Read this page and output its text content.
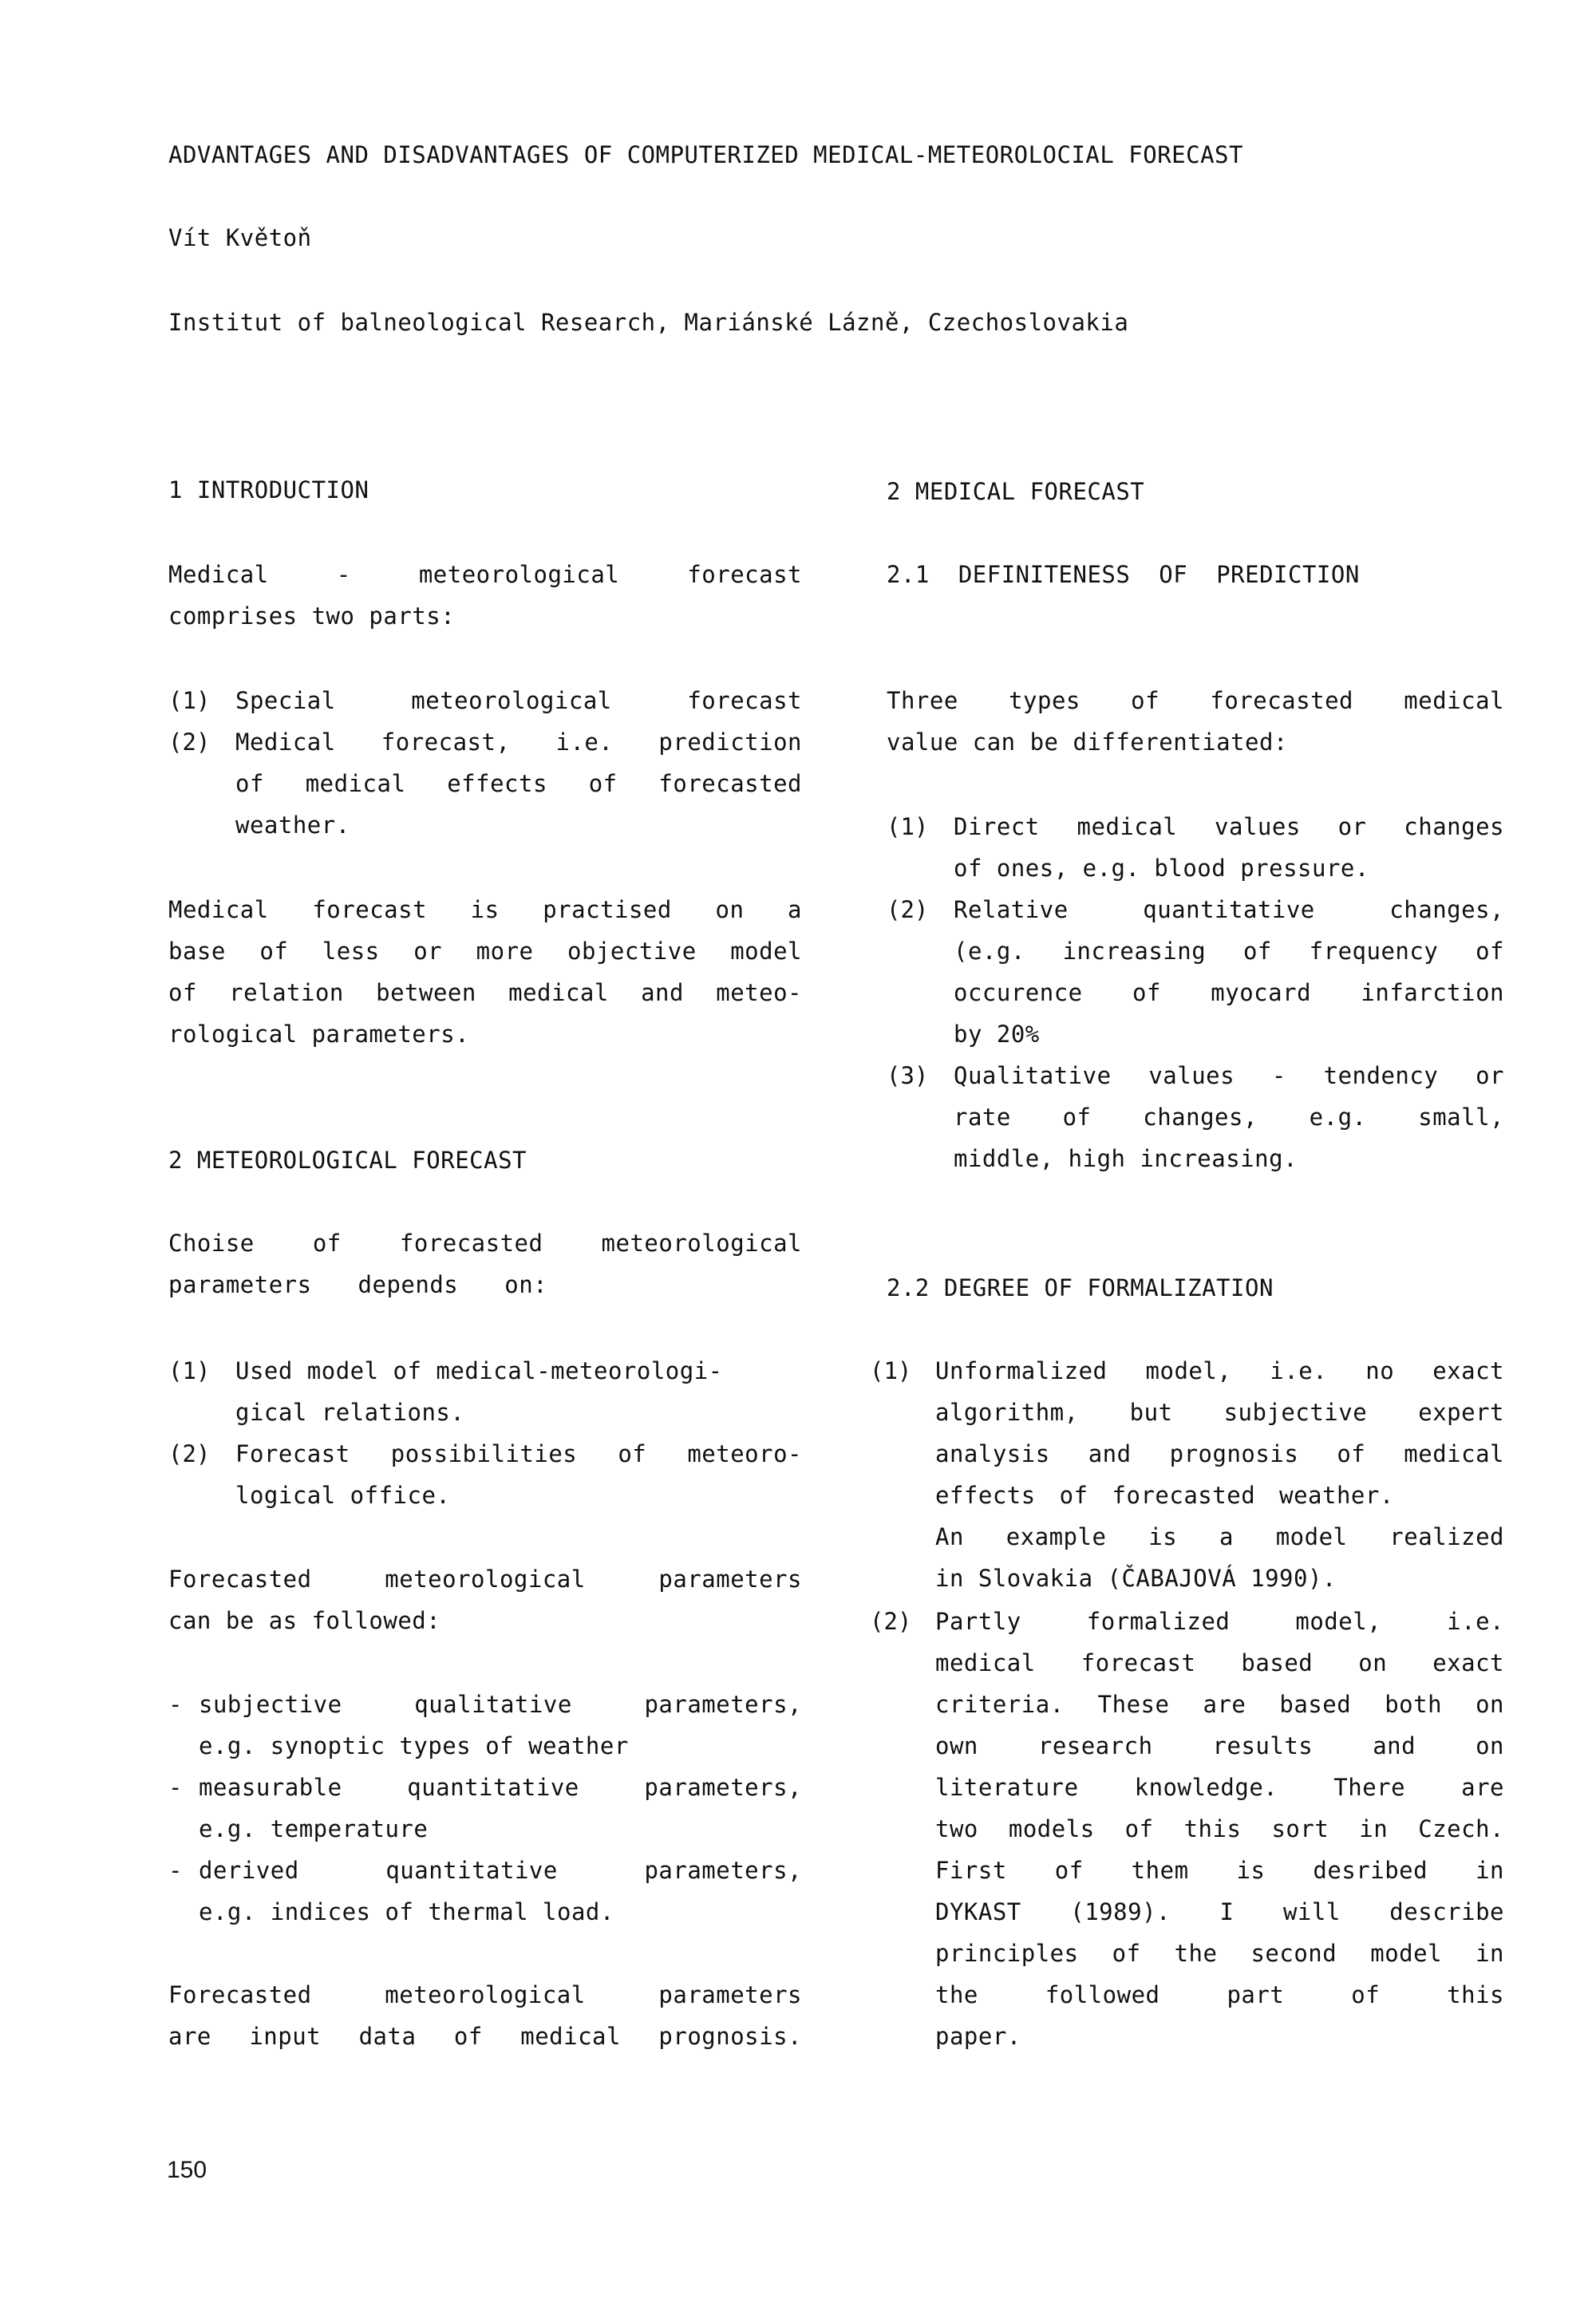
ADVANTAGES AND DISADVANTAGES OF COMPUTERIZED MEDICAL-METEOROLOCIAL FORECAST
Vít Květoň
Institut of balneological Research, Mariánské Lázně, Czechoslovakia
1 INTRODUCTION
Medical - meteorological forecast
comprises two parts:
(1) Special meteorological forecast
(2) Medical forecast, i.e. prediction
of medical effects of forecasted
weather.
Medical forecast is practised on a
base of less or more objective model
of relation between medical and meteo-
rological parameters.
2 METEOROLOGICAL FORECAST
Choise of forecasted meteorological
parameters depends on:
(1) Used model of medical-meteorologi-
gical relations.
(2) Forecast possibilities of meteoro-
logical office.
Forecasted meteorological parameters
can be as followed:
- subjective qualitative parameters,
e.g. synoptic types of weather
- measurable quantitative parameters,
e.g. temperature
- derived quantitative parameters,
e.g. indices of thermal load.
Forecasted meteorological parameters
are input data of medical prognosis.
2 MEDICAL FORECAST
2.1 DEFINITENESS OF PREDICTION
Three types of forecasted medical
value can be differentiated:
(1) Direct medical values or changes
of ones, e.g. blood pressure.
(2) Relative quantitative changes,
(e.g. increasing of frequency of
occurence of myocard infarction
by 20%
(3) Qualitative values - tendency or
rate of changes, e.g. small,
middle, high increasing.
2.2 DEGREE OF FORMALIZATION
(1) Unformalized model, i.e. no exact
algorithm, but subjective expert
analysis and prognosis of medical
effects of forecasted weather.
An example is a model realized
in Slovakia (ČABAJOVÁ 1990).
(2) Partly formalized model, i.e.
medical forecast based on exact
criteria. These are based both on
own research results and on
literature knowledge. There are
two models of this sort in Czech.
First of them is desribed in
DYKAST (1989). I will describe
principles of the second model in
the followed part of this
paper.
150
